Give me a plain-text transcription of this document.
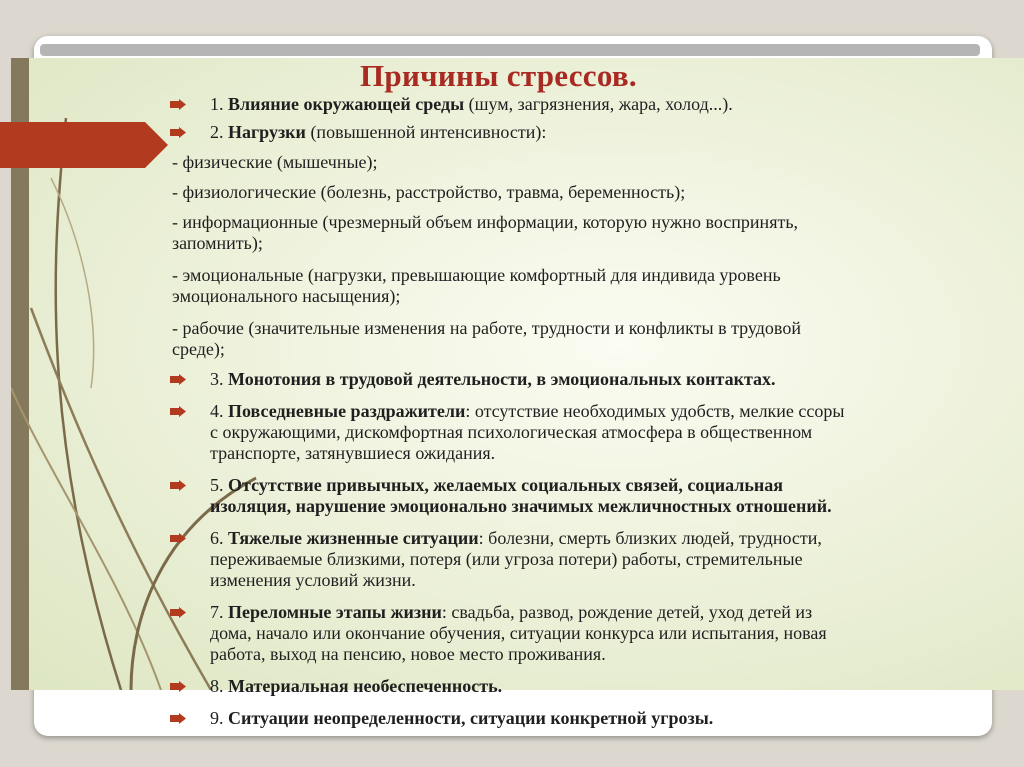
Причины стрессов.
1. Влияние окружающей среды (шум, загрязнения, жара, холод...).
2. Нагрузки (повышенной интенсивности):
- физические (мышечные);
- физиологические (болезнь, расстройство, травма, беременность);
- информационные (чрезмерный объем информации, которую нужно воспринять,
запомнить);
- эмоциональные (нагрузки, превышающие комфортный для индивида уровень
эмоционального насыщения);
- рабочие (значительные изменения на работе, трудности и конфликты в трудовой
среде);
3. Монотония в трудовой деятельности, в эмоциональных контактах.
4. Повседневные раздражители: отсутствие необходимых удобств, мелкие ссоры
с окружающими, дискомфортная психологическая атмосфера в общественном
транспорте, затянувшиеся ожидания.
5. Отсутствие привычных, желаемых социальных связей, социальная
изоляция, нарушение эмоционально значимых межличностных отношений.
6. Тяжелые жизненные ситуации: болезни, смерть близких людей, трудности,
переживаемые близкими, потеря (или угроза потери) работы, стремительные
изменения условий жизни.
7. Переломные этапы жизни: свадьба, развод, рождение детей, уход детей из
дома, начало или окончание обучения, ситуации конкурса или испытания, новая
работа, выход на пенсию, новое место проживания.
8. Материальная необеспеченность.
9. Ситуации неопределенности, ситуации конкретной угрозы.
